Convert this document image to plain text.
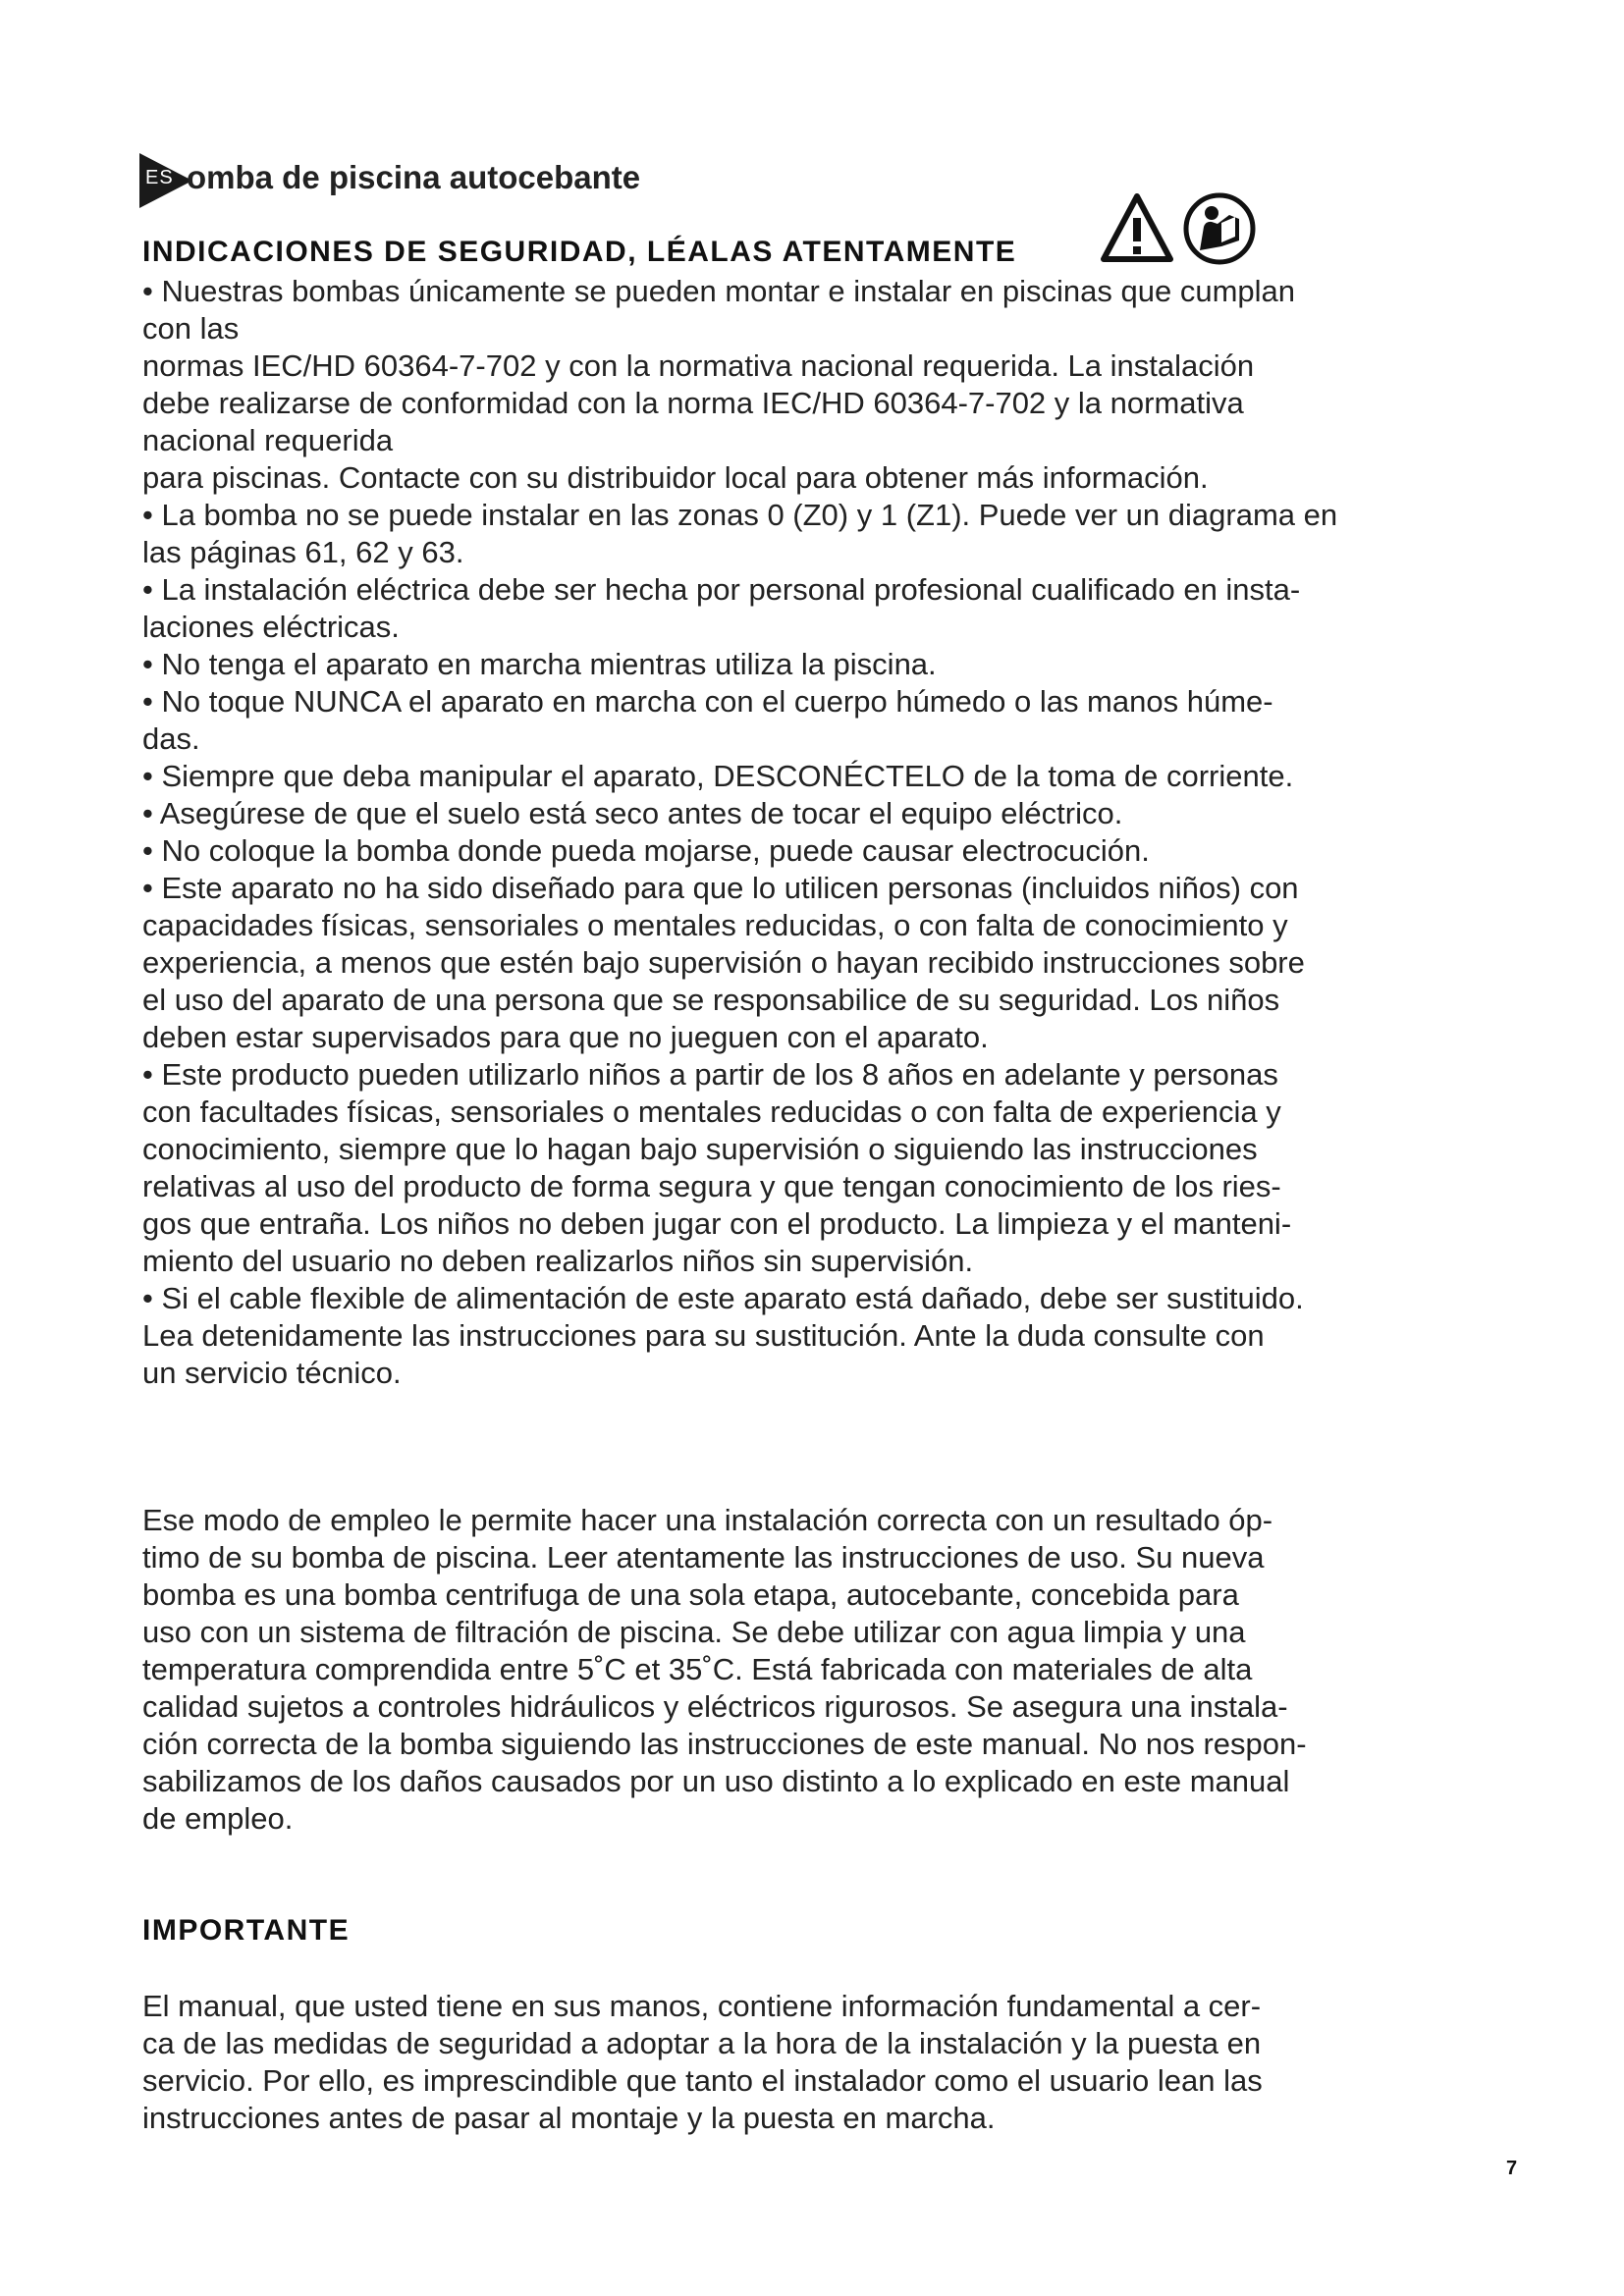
ES omba de piscina autocebante
INDICACIONES DE SEGURIDAD, LÉALAS ATENTAMENTE

• Nuestras bombas únicamente se pueden montar e instalar en piscinas que cumplan

con las

normas IEC/HD 60364-7-702 y con la normativa nacional requerida. La instalación

debe realizarse de conformidad con la norma IEC/HD 60364-7-702 y la normativa

nacional requerida

para piscinas. Contacte con su distribuidor local para obtener más información.

• La bomba no se puede instalar en las zonas 0 (Z0) y 1 (Z1). Puede ver un diagrama en

las páginas 61, 62 y 63.

• La instalación eléctrica debe ser hecha por personal profesional cualificado en insta-

laciones eléctricas.

• No tenga el aparato en marcha mientras utiliza la piscina.

• No toque NUNCA el aparato en marcha con el cuerpo húmedo o las manos húme-

das.

• Siempre que deba manipular el aparato, DESCONÉCTELO de la toma de corriente.

• Asegúrese de que el suelo está seco antes de tocar el equipo eléctrico.

• No coloque la bomba donde pueda mojarse, puede causar electrocución.

• Este aparato no ha sido diseñado para que lo utilicen personas (incluidos niños) con

capacidades físicas, sensoriales o mentales reducidas, o con falta de conocimiento y

experiencia, a menos que estén bajo supervisión o hayan recibido instrucciones sobre

el uso del aparato de una persona que se responsabilice de su seguridad. Los niños

deben estar supervisados para que no jueguen con el aparato.

• Este producto pueden utilizarlo niños a partir de los 8 años en adelante y personas

con facultades físicas, sensoriales o mentales reducidas o con falta de experiencia y

conocimiento, siempre que lo hagan bajo supervisión o siguiendo las instrucciones

relativas al uso del producto de forma segura y que tengan conocimiento de los ries-

gos que entraña. Los niños no deben jugar con el producto. La limpieza y el manteni-

miento del usuario no deben realizarlos niños sin supervisión.

• Si el cable flexible de alimentación de este aparato está dañado, debe ser sustituido.

Lea detenidamente las instrucciones para su sustitución. Ante la duda consulte con

un servicio técnico.

Ese modo de empleo le permite hacer una instalación correcta con un resultado óp-

timo de su bomba de piscina. Leer atentamente las instrucciones de uso. Su nueva

bomba es una bomba centrifuga de una sola etapa, autocebante, concebida para

uso con un sistema de filtración de piscina. Se debe utilizar con agua limpia y una

temperatura comprendida entre 5˚C et 35˚C. Está fabricada con materiales de alta

calidad sujetos a controles hidráulicos y eléctricos rigurosos. Se asegura una instala-

ción correcta de la bomba siguiendo las instrucciones de este manual. No nos respon-

sabilizamos de los daños causados por un uso distinto a lo explicado en este manual

de empleo.

IMPORTANTE

El manual, que usted tiene en sus manos, contiene información fundamental a cer-

ca de las medidas de seguridad a adoptar a la hora de la instalación y la puesta en

servicio. Por ello, es imprescindible que tanto el instalador como el usuario lean las

instrucciones antes de pasar al montaje y la puesta en marcha.

7
